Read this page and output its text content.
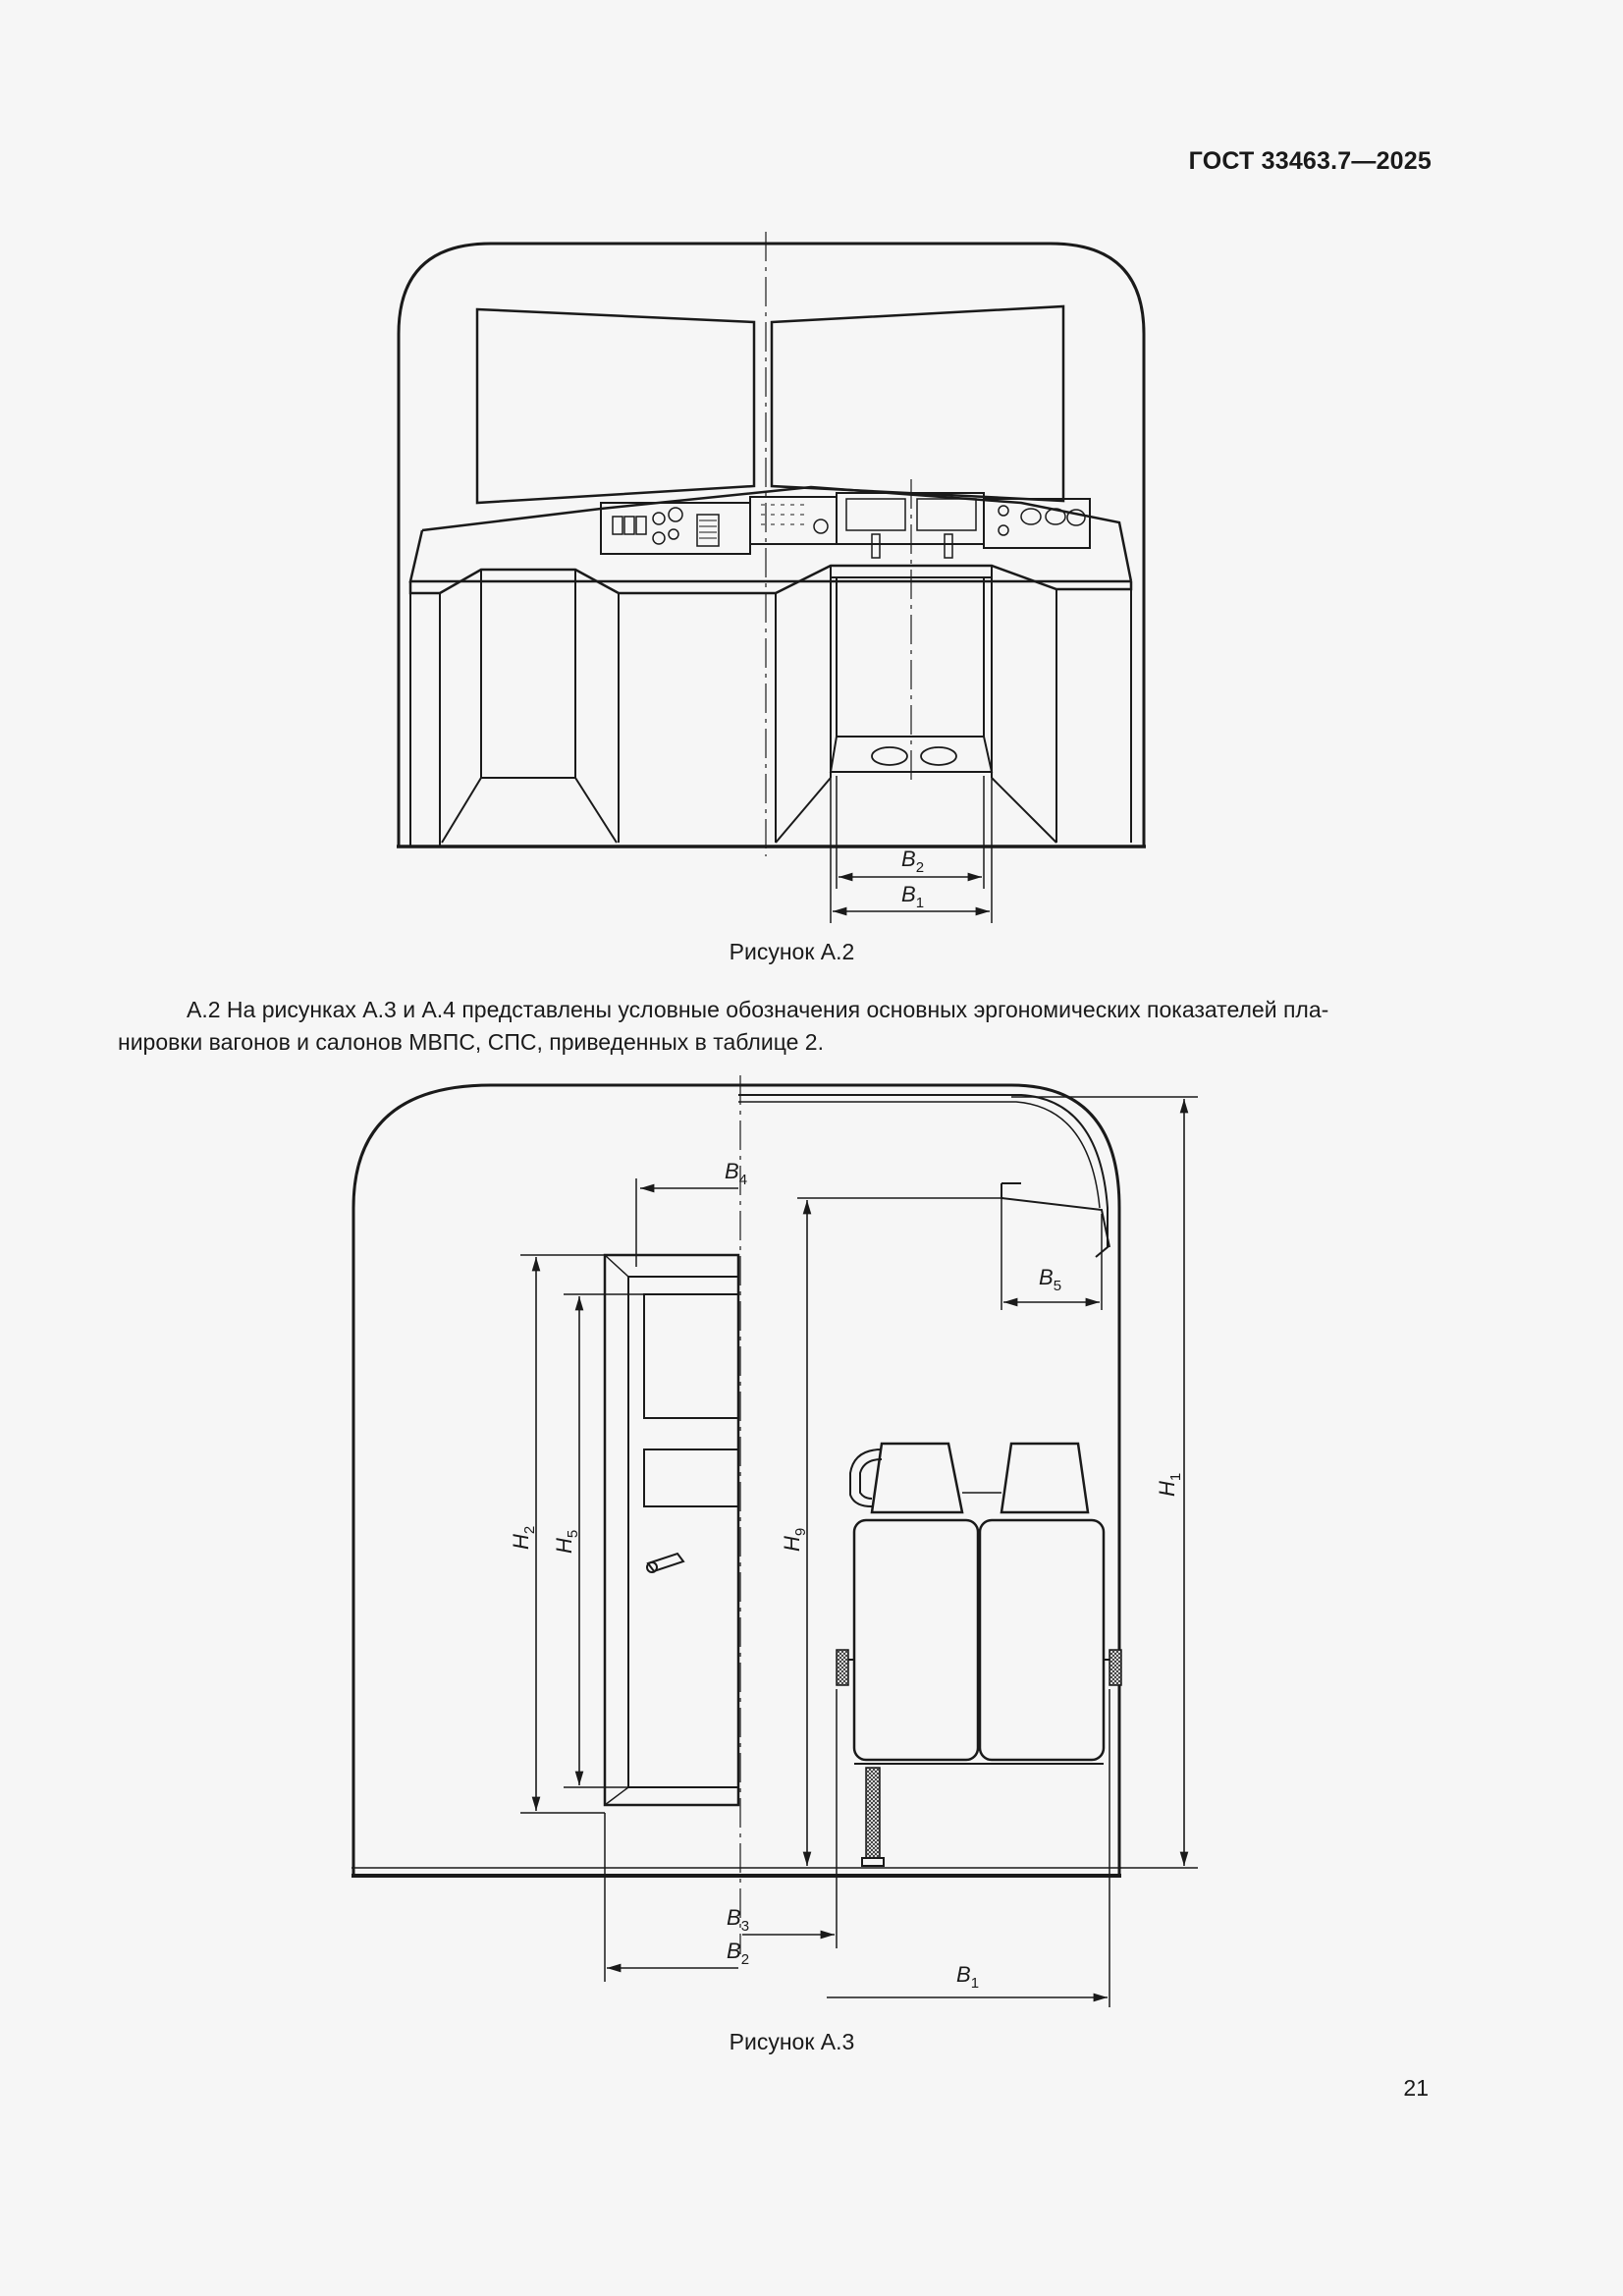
ГОСТ 33463.7—2025
$B_2$
$B_1$
$B_4$
$B_5$
$H_1$
$H_9$
$H_2$
$H_5$
$B_3$
$B_2$
$B_1$
Рисунок А.2
А.2 На рисунках А.3 и А.4 представлены условные обозначения основных эргономических показателей пла-
нировки вагонов и салонов МВПС, СПС, приведенных в таблице 2.
Рисунок А.3
21
